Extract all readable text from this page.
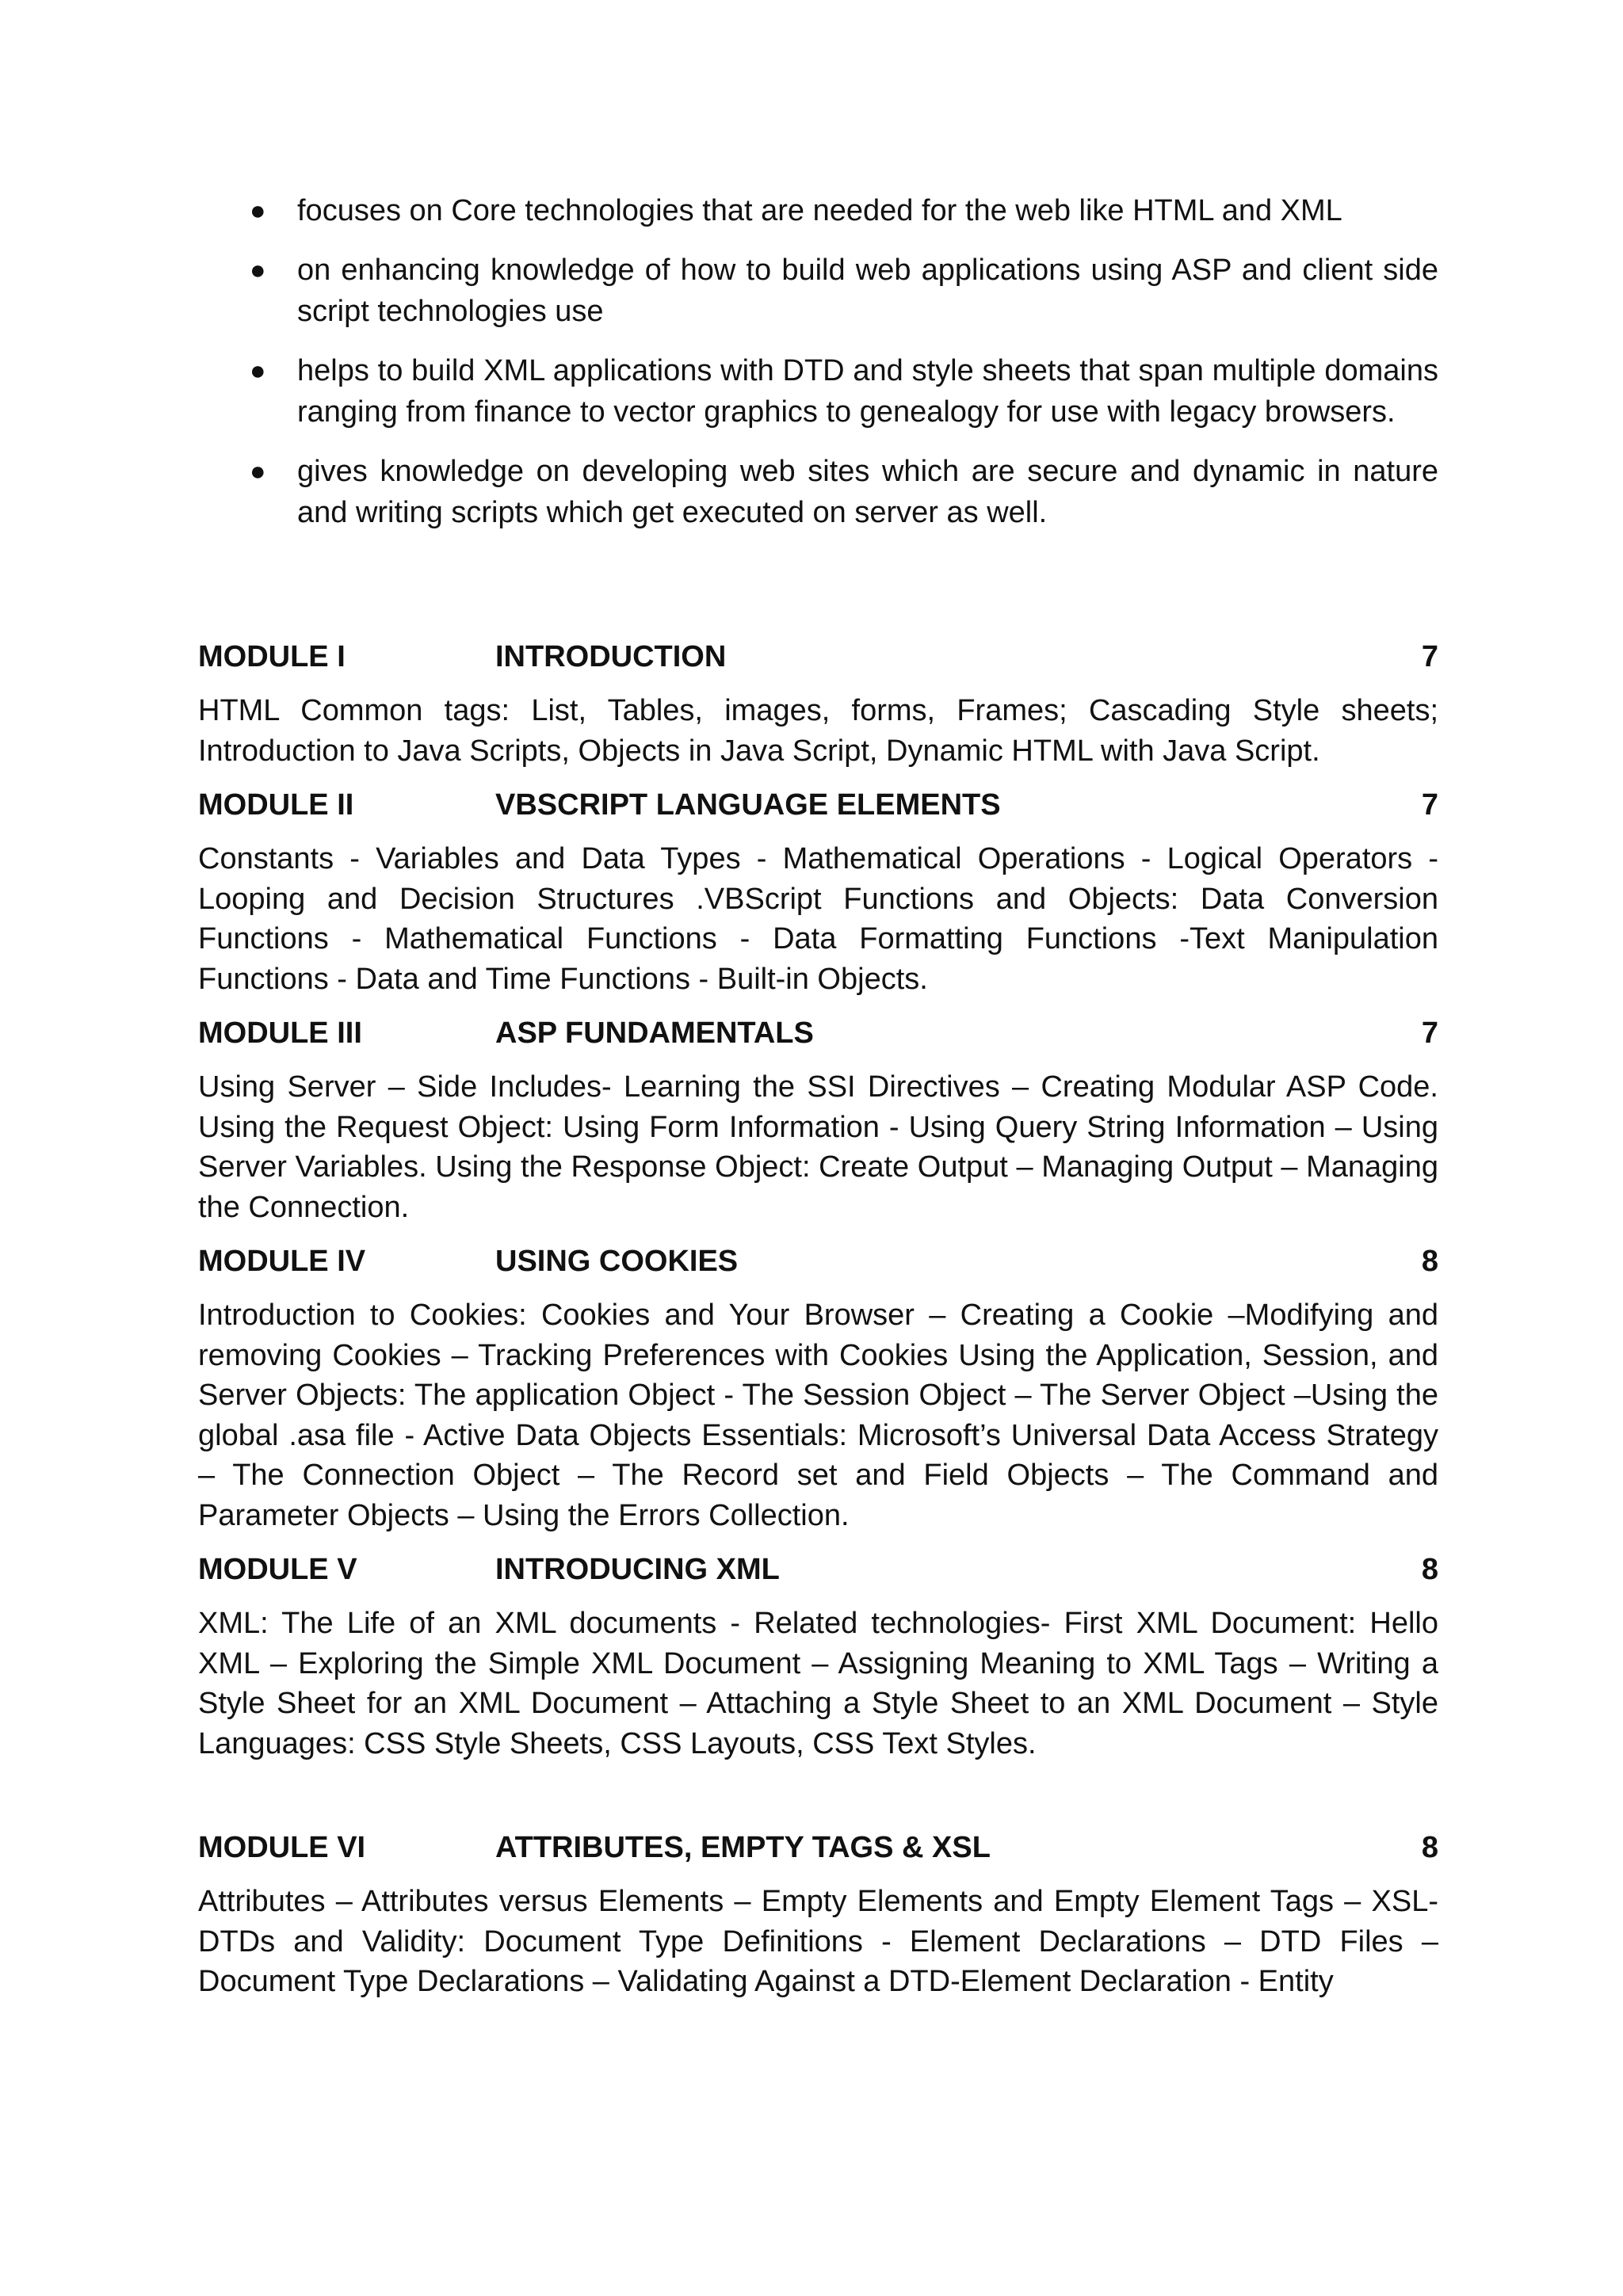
● focuses on Core technologies that are needed for the web like HTML and XML
● on enhancing knowledge of how to build web applications using ASP and client side script technologies use
● helps to build XML applications with DTD and style sheets that span multiple domains ranging from finance to vector graphics to genealogy for use with legacy browsers.
● gives knowledge on developing web sites which are secure and dynamic in nature and writing scripts which get executed on server as well.
MODULE I	INTRODUCTION	7
HTML Common tags: List, Tables, images, forms, Frames; Cascading Style sheets; Introduction to Java Scripts, Objects in Java Script, Dynamic HTML with Java Script.
MODULE II	VBSCRIPT LANGUAGE ELEMENTS	7
Constants - Variables and Data Types - Mathematical Operations - Logical Operators - Looping and Decision Structures .VBScript Functions and Objects: Data Conversion Functions - Mathematical Functions - Data Formatting Functions -Text Manipulation Functions - Data and Time Functions - Built-in Objects.
MODULE III	ASP FUNDAMENTALS	7
Using Server – Side Includes- Learning the SSI Directives – Creating Modular ASP Code. Using the Request Object: Using Form Information - Using Query String Information – Using Server Variables. Using the Response Object: Create Output – Managing Output – Managing the Connection.
MODULE IV	USING COOKIES	8
Introduction to Cookies: Cookies and Your Browser – Creating a Cookie –Modifying and removing Cookies – Tracking Preferences with Cookies Using the Application, Session, and Server Objects: The application Object - The Session Object – The Server Object –Using the global .asa file - Active Data Objects Essentials: Microsoft’s Universal Data Access Strategy – The Connection Object – The Record set and Field Objects – The Command and Parameter Objects – Using the Errors Collection.
MODULE V	INTRODUCING XML	8
XML: The Life of an XML documents - Related technologies- First XML Document: Hello XML – Exploring the Simple XML Document – Assigning Meaning to XML Tags – Writing a Style Sheet for an XML Document – Attaching a Style Sheet to an XML Document – Style Languages: CSS Style Sheets, CSS Layouts, CSS Text Styles.
MODULE VI	ATTRIBUTES, EMPTY TAGS & XSL	8
Attributes – Attributes versus Elements – Empty Elements and Empty Element Tags – XSL- DTDs and Validity: Document Type Definitions - Element Declarations – DTD Files – Document Type Declarations – Validating Against a DTD-Element Declaration - Entity
